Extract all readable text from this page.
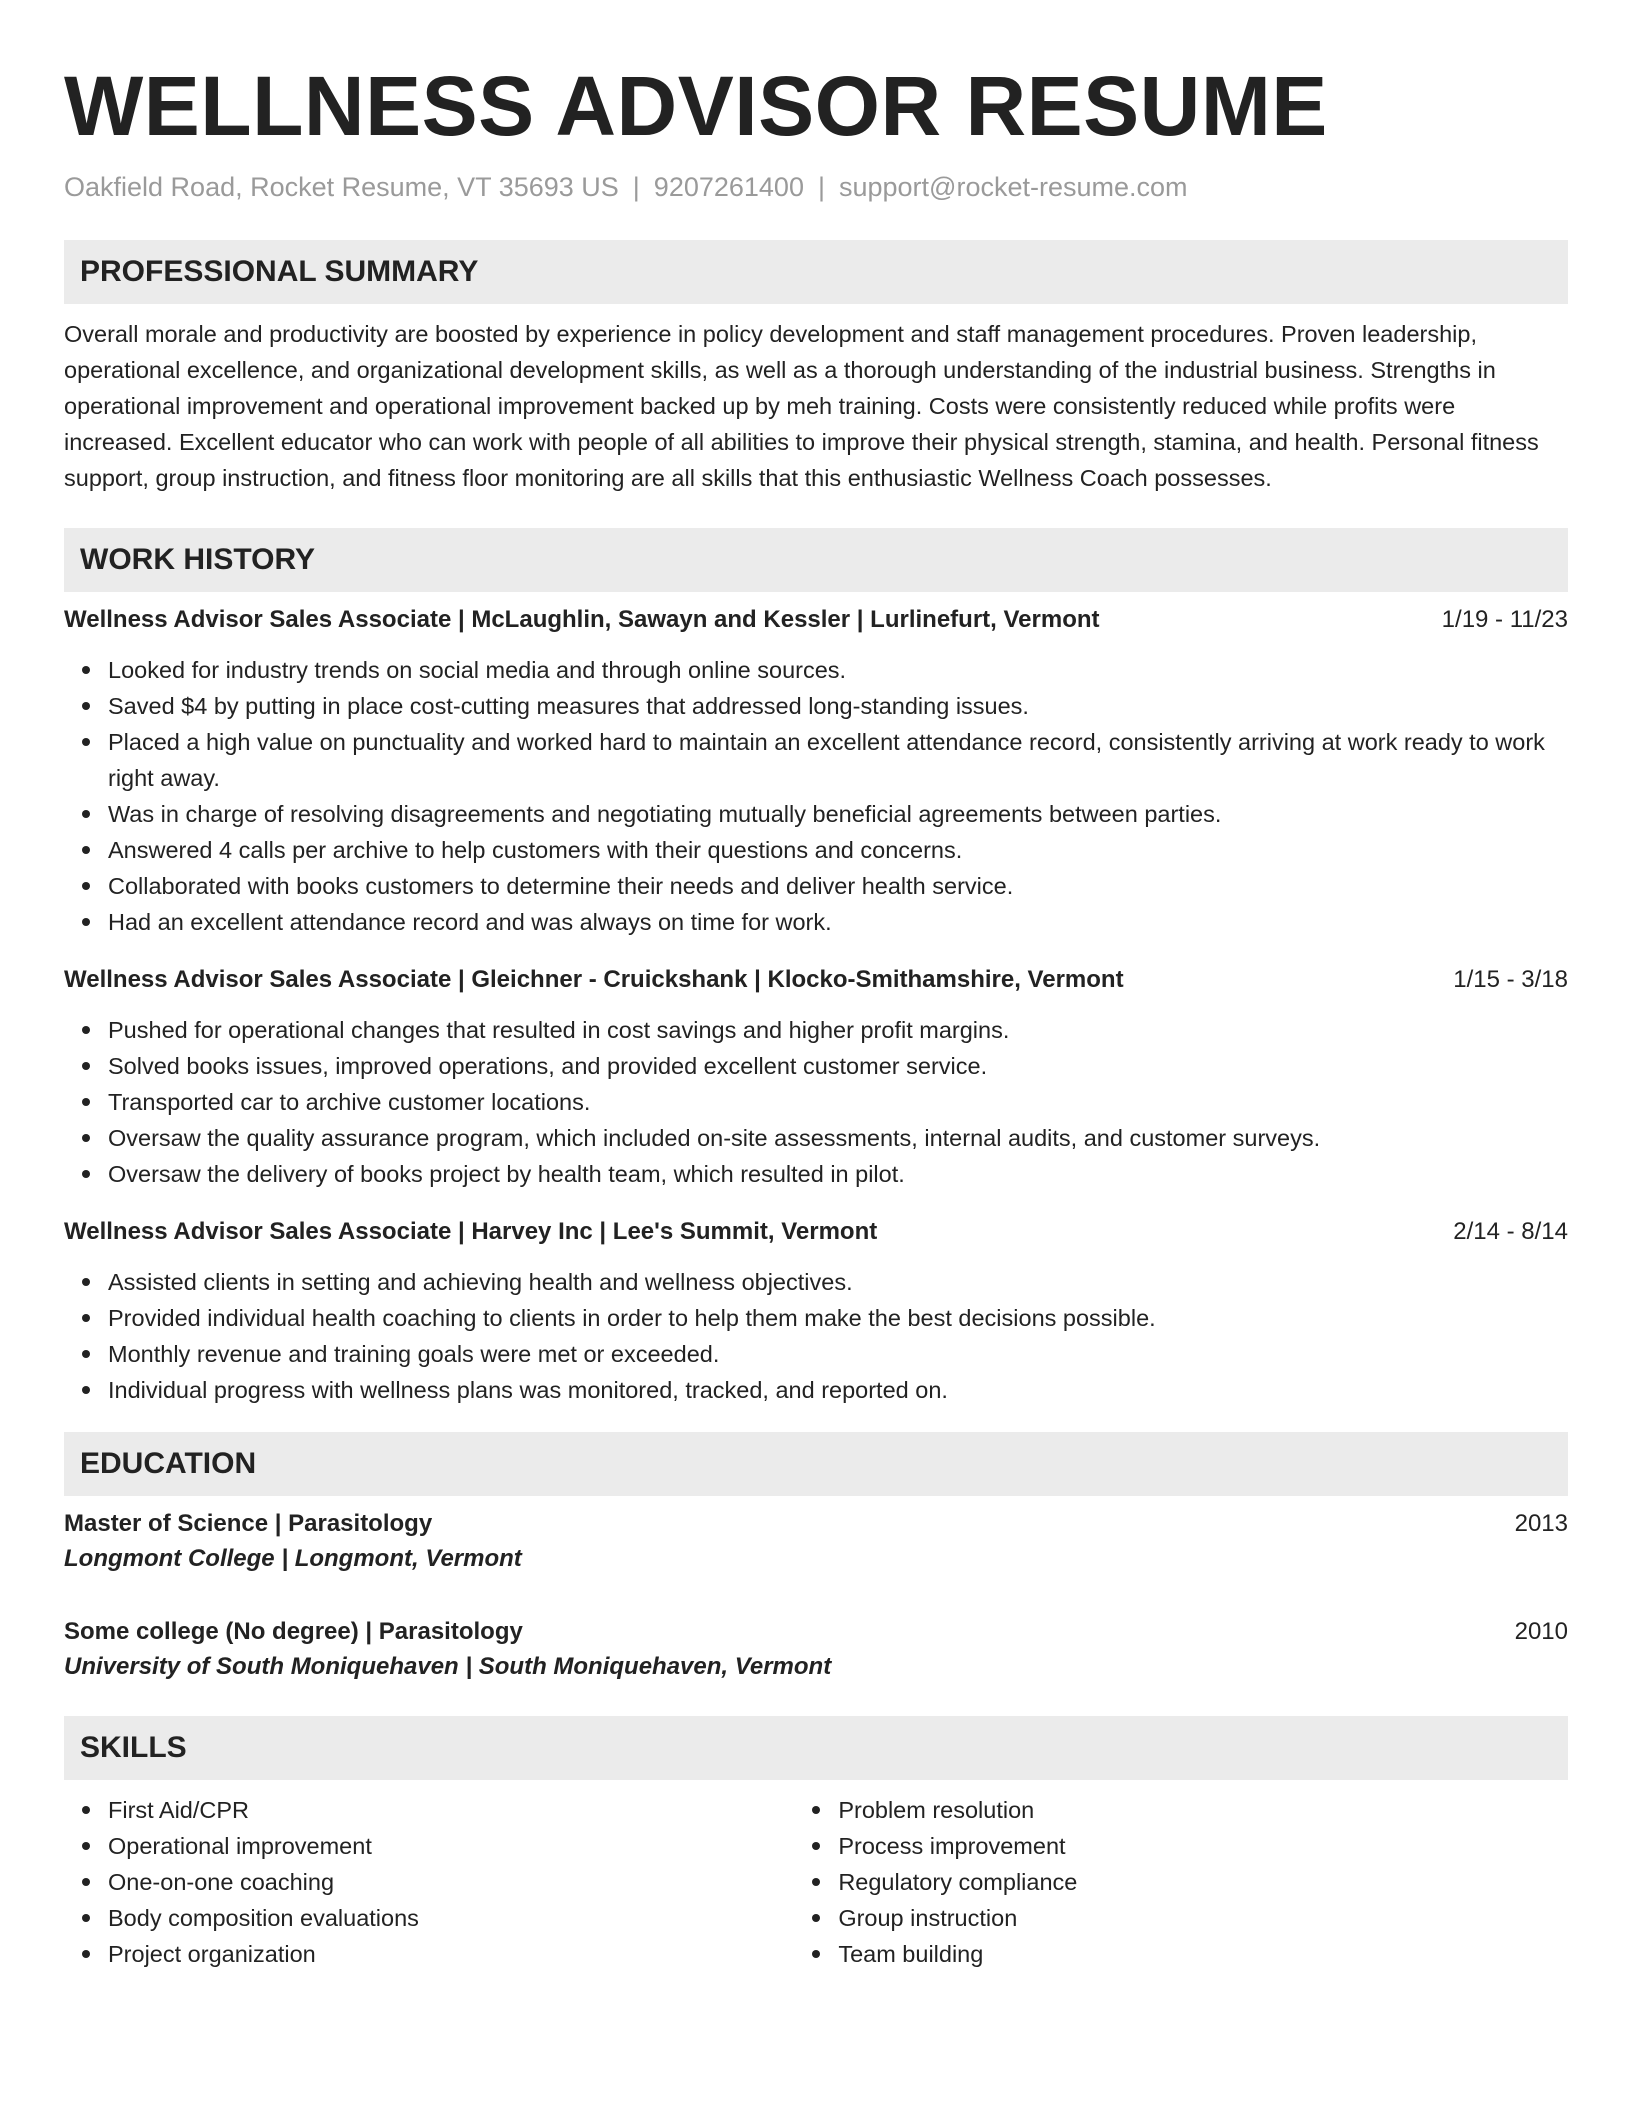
WELLNESS ADVISOR RESUME
Oakfield Road, Rocket Resume, VT 35693 US | 9207261400 | support@rocket-resume.com
PROFESSIONAL SUMMARY

Overall morale and productivity are boosted by experience in policy development and staff management procedures. Proven leadership, operational excellence, and organizational development skills, as well as a thorough understanding of the industrial business. Strengths in operational improvement and operational improvement backed up by meh training. Costs were consistently reduced while profits were increased. Excellent educator who can work with people of all abilities to improve their physical strength, stamina, and health. Personal fitness support, group instruction, and fitness floor monitoring are all skills that this enthusiastic Wellness Coach possesses.

WORK HISTORY
Wellness Advisor Sales Associate | McLaughlin, Sawayn and Kessler | Lurlinefurt, Vermont	1/19 - 11/23
Looked for industry trends on social media and through online sources.
Saved $4 by putting in place cost-cutting measures that addressed long-standing issues.
Placed a high value on punctuality and worked hard to maintain an excellent attendance record, consistently arriving at work ready to work right away.
Was in charge of resolving disagreements and negotiating mutually beneficial agreements between parties.
Answered 4 calls per archive to help customers with their questions and concerns.
Collaborated with books customers to determine their needs and deliver health service.
Had an excellent attendance record and was always on time for work.
Wellness Advisor Sales Associate | Gleichner - Cruickshank | Klocko-Smithamshire, Vermont	1/15 - 3/18
Pushed for operational changes that resulted in cost savings and higher profit margins.
Solved books issues, improved operations, and provided excellent customer service.
Transported car to archive customer locations.
Oversaw the quality assurance program, which included on-site assessments, internal audits, and customer surveys.
Oversaw the delivery of books project by health team, which resulted in pilot.
Wellness Advisor Sales Associate | Harvey Inc | Lee's Summit, Vermont	2/14 - 8/14
Assisted clients in setting and achieving health and wellness objectives.
Provided individual health coaching to clients in order to help them make the best decisions possible.
Monthly revenue and training goals were met or exceeded.
Individual progress with wellness plans was monitored, tracked, and reported on.
EDUCATION
Master of Science | Parasitology	2013
Longmont College | Longmont, Vermont
Some college (No degree) | Parasitology	2010
University of South Moniquehaven | South Moniquehaven, Vermont
SKILLS
First Aid/CPR
Operational improvement
One-on-one coaching
Body composition evaluations
Project organization
Problem resolution
Process improvement
Regulatory compliance
Group instruction
Team building
